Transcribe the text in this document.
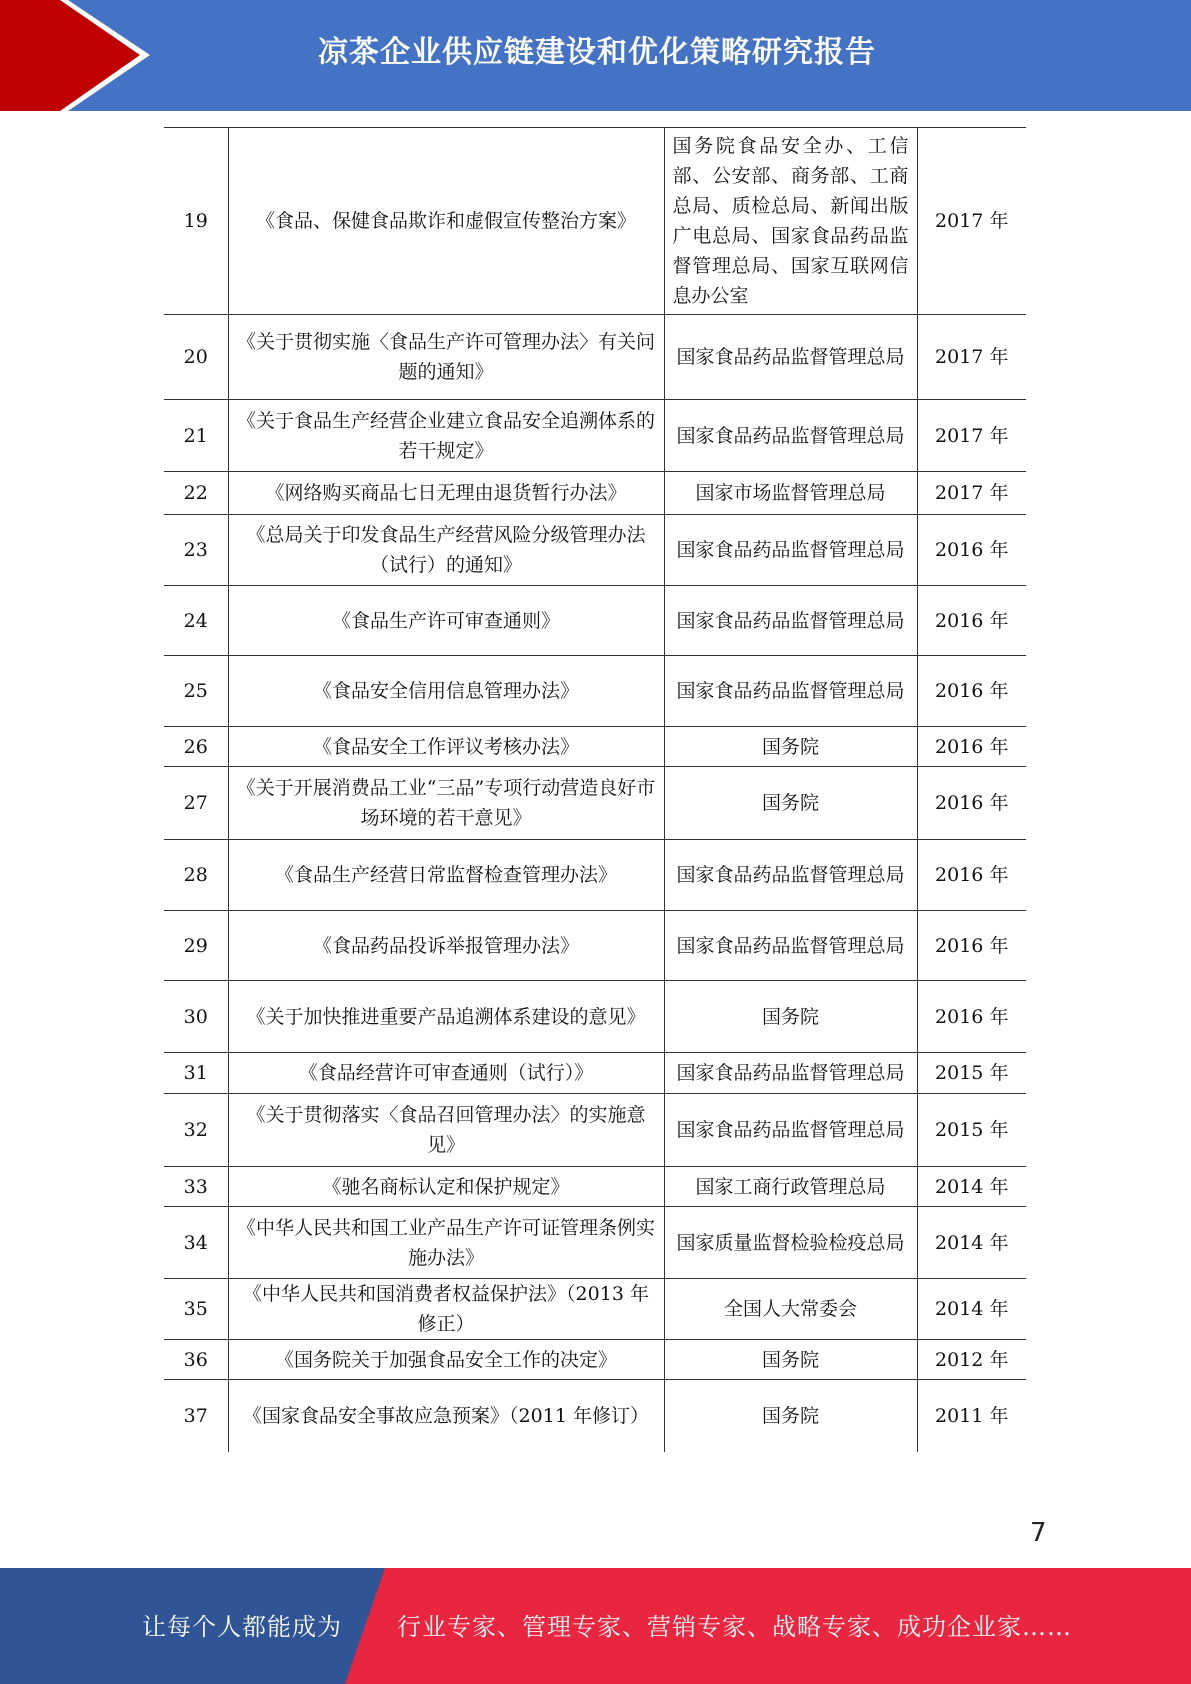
凉茶企业供应链建设和优化策略研究报告
19	《食品、保健食品欺诈和虚假宣传整治方案》	国务院食品安全办、工信部、公安部、商务部、工商总局、质检总局、新闻出版广电总局、国家食品药品监督管理总局、国家互联网信息办公室	2017 年
20	《关于贯彻实施〈食品生产许可管理办法〉有关问题的通知》	国家食品药品监督管理总局	2017 年
21	《关于食品生产经营企业建立食品安全追溯体系的若干规定》	国家食品药品监督管理总局	2017 年
22	《网络购买商品七日无理由退货暂行办法》	国家市场监督管理总局	2017 年
23	《总局关于印发食品生产经营风险分级管理办法（试行）的通知》	国家食品药品监督管理总局	2016 年
24	《食品生产许可审查通则》	国家食品药品监督管理总局	2016 年
25	《食品安全信用信息管理办法》	国家食品药品监督管理总局	2016 年
26	《食品安全工作评议考核办法》	国务院	2016 年
27	《关于开展消费品工业“三品”专项行动营造良好市场环境的若干意见》	国务院	2016 年
28	《食品生产经营日常监督检查管理办法》	国家食品药品监督管理总局	2016 年
29	《食品药品投诉举报管理办法》	国家食品药品监督管理总局	2016 年
30	《关于加快推进重要产品追溯体系建设的意见》	国务院	2016 年
31	《食品经营许可审查通则（试行）》	国家食品药品监督管理总局	2015 年
32	《关于贯彻落实〈食品召回管理办法〉的实施意见》	国家食品药品监督管理总局	2015 年
33	《驰名商标认定和保护规定》	国家工商行政管理总局	2014 年
34	《中华人民共和国工业产品生产许可证管理条例实施办法》	国家质量监督检验检疫总局	2014 年
35	《中华人民共和国消费者权益保护法》（2013 年修正）	全国人大常委会	2014 年
36	《国务院关于加强食品安全工作的决定》	国务院	2012 年
37	《国家食品安全事故应急预案》（2011 年修订）	国务院	2011 年
7
让每个人都能成为 行业专家、管理专家、营销专家、战略专家、成功企业家……
